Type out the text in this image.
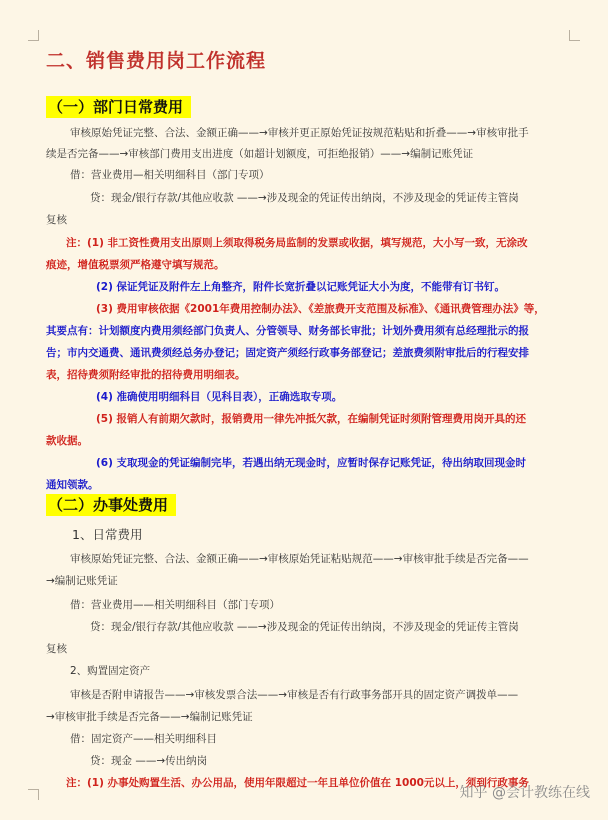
二、销售费用岗工作流程
（一）部门日常费用
审核原始凭证完整、合法、金额正确——→审核并更正原始凭证按规范粘贴和折叠——→审核审批手
续是否完备——→审核部门费用支出进度（如超计划额度，可拒绝报销）——→编制记账凭证
借：营业费用—相关明细科目（部门专项）
贷：现金/银行存款/其他应收款 ——→涉及现金的凭证传出纳岗，不涉及现金的凭证传主管岗
复核
注：(1) 非工资性费用支出原则上须取得税务局监制的发票或收据，填写规范，大小写一致，无涂改
痕迹，增值税票须严格遵守填写规范。
(2) 保证凭证及附件左上角整齐，附件长宽折叠以记账凭证大小为度，不能带有订书钉。
(3) 费用审核依据《2001年费用控制办法》、《差旅费开支范围及标准》、《通讯费管理办法》等，
其要点有：计划额度内费用须经部门负责人、分管领导、财务部长审批；计划外费用须有总经理批示的报
告；市内交通费、通讯费须经总务办登记；固定资产须经行政事务部登记；差旅费须附审批后的行程安排
表，招待费须附经审批的招待费用明细表。
(4) 准确使用明细科目（见科目表），正确选取专项。
(5) 报销人有前期欠款时，报销费用一律先冲抵欠款，在编制凭证时须附管理费用岗开具的还
款收据。
(6) 支取现金的凭证编制完毕，若遇出纳无现金时，应暂时保存记账凭证，待出纳取回现金时
通知领款。
（二）办事处费用
1、日常费用
审核原始凭证完整、合法、金额正确——→审核原始凭证粘贴规范——→审核审批手续是否完备——
→编制记账凭证
借：营业费用——相关明细科目（部门专项）
贷：现金/银行存款/其他应收款 ——→涉及现金的凭证传出纳岗，不涉及现金的凭证传主管岗
复核
2、购置固定资产
审核是否附申请报告——→审核发票合法——→审核是否有行政事务部开具的固定资产调拨单——
→审核审批手续是否完备——→编制记账凭证
借：固定资产——相关明细科目
贷：现金 ——→传出纳岗
注：(1) 办事处购置生活、办公用品，使用年限超过一年且单位价值在 1000元以上，须到行政事务
知乎 @会计教练在线
